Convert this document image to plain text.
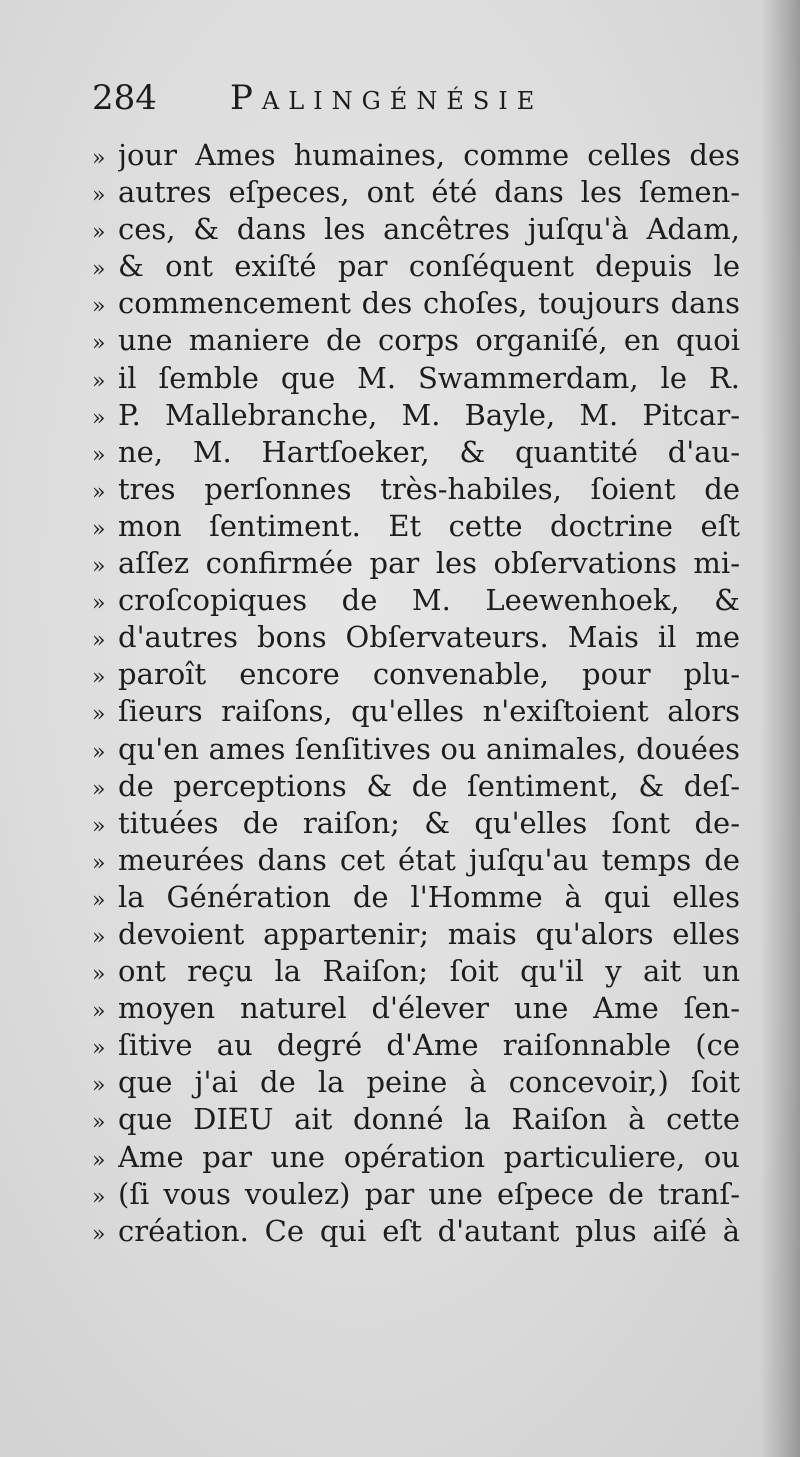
284 Palingénésie
» jour Ames humaines, comme celles des
» autres eſpeces, ont été dans les ſemen-
» ces, & dans les ancêtres juſqu'à Adam,
» & ont exiſté par conſéquent depuis le
» commencement des choſes, toujours dans
» une maniere de corps organiſé, en quoi
» il ſemble que M. Swammerdam, le R.
» P. Mallebranche, M. Bayle, M. Pitcar-
» ne, M. Hartſoeker, & quantité d'au-
» tres perſonnes très-habiles, ſoient de
» mon ſentiment. Et cette doctrine eſt
» aſſez confirmée par les obſervations mi-
» croſcopiques de M. Leewenhoek, &
» d'autres bons Obſervateurs. Mais il me
» paroît encore convenable, pour plu-
» ſieurs raiſons, qu'elles n'exiſtoient alors
» qu'en ames ſenſitives ou animales, douées
» de perceptions & de ſentiment, & deſ-
» tituées de raiſon; & qu'elles ſont de-
» meurées dans cet état juſqu'au temps de
» la Génération de l'Homme à qui elles
» devoient appartenir; mais qu'alors elles
» ont reçu la Raiſon; ſoit qu'il y ait un
» moyen naturel d'élever une Ame ſen-
» ſitive au degré d'Ame raiſonnable (ce
» que j'ai de la peine à concevoir,) ſoit
» que DIEU ait donné la Raiſon à cette
» Ame par une opération particuliere, ou
» (ſi vous voulez) par une eſpece de tranſ-
» création. Ce qui eſt d'autant plus aiſé à
